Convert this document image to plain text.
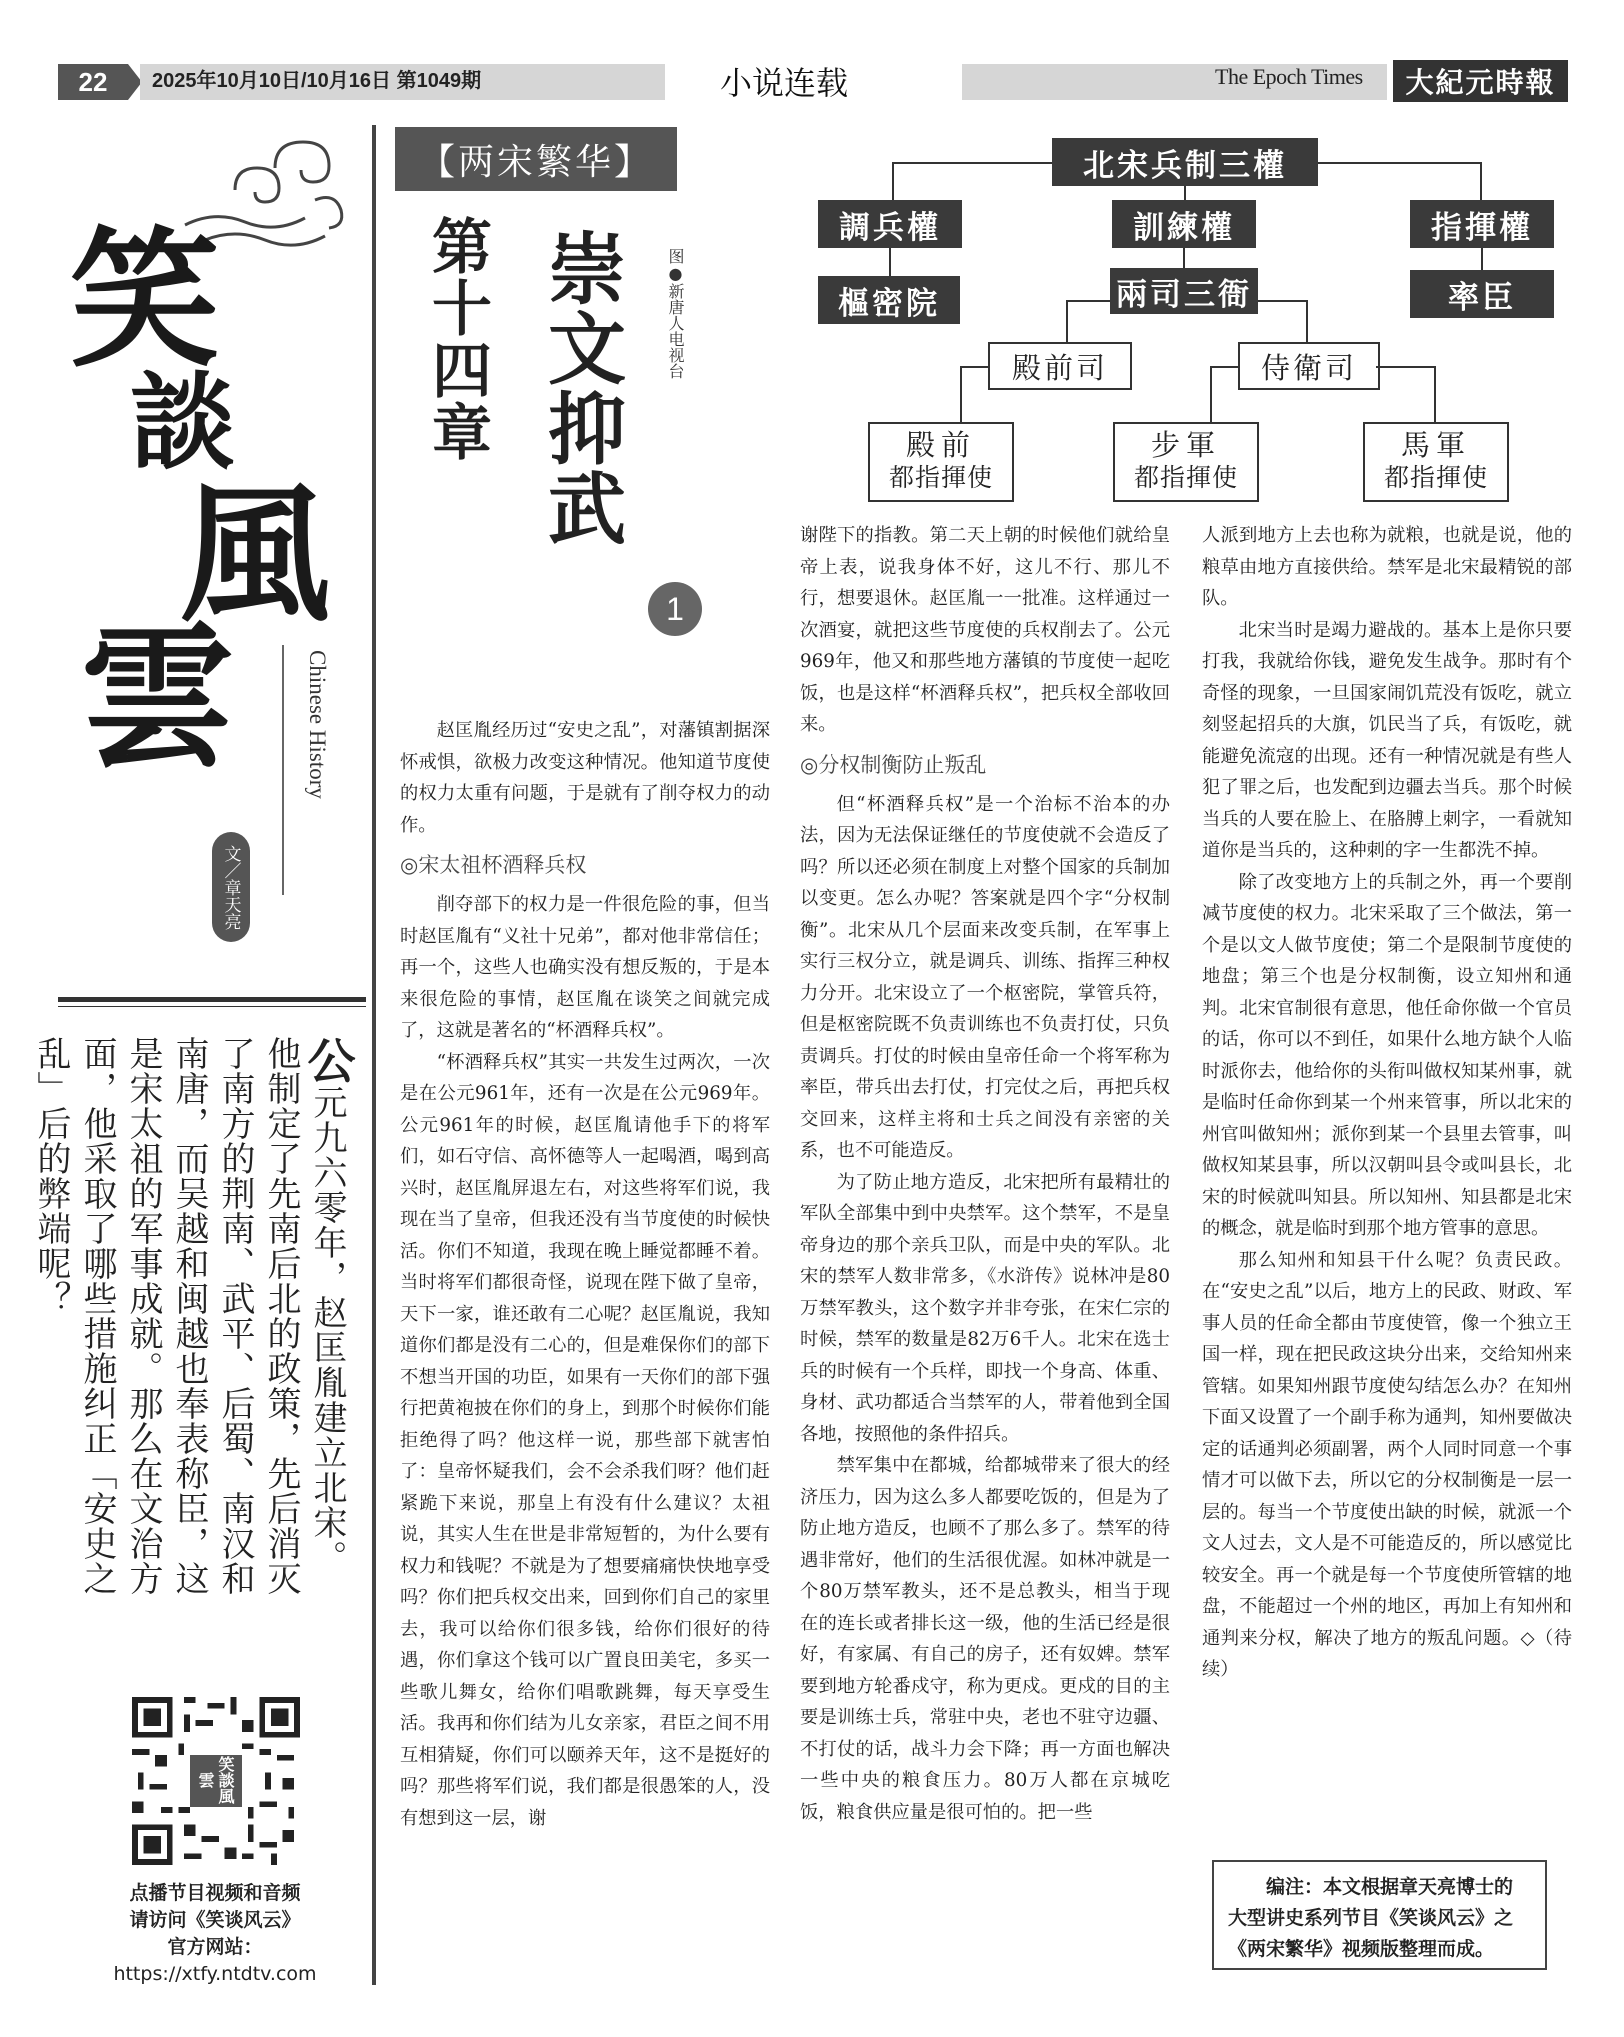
22	2025年10月10日/10月16日 第1049期	小说连载	The Epoch Times	大紀元時報
笑
談
風
雲	Chinese History
文／章天亮
公元九六零年，赵匡胤建立北宋。他制定了先南后北的政策，先后消灭了南方的荆南、武平、后蜀、南汉和南唐，而吴越和闽越也奉表称臣，这是宋太祖的军事成就。那么在文治方面，他采取了哪些措施纠正「安史之乱」后的弊端呢？
笑談風雲
点播节目视频和音频
请访问《笑谈风云》
官方网站：
https://xtfy.ntdtv.com
【两宋繁华】
崇文抑武
第十四章	图●新唐人电视台
1
北宋兵制三權
調兵權	訓練權	指揮權
樞密院	兩司三衙	率臣
殿前司	侍衛司
殿前
都指揮使
步軍
都指揮使
馬軍
都指揮使

赵匡胤经历过“安史之乱”，对藩镇割据深怀戒惧，欲极力改变这种情况。他知道节度使的权力太重有问题，于是就有了削夺权力的动作。

◎宋太祖杯酒释兵权

削夺部下的权力是一件很危险的事，但当时赵匡胤有“义社十兄弟”，都对他非常信任；再一个，这些人也确实没有想反叛的，于是本来很危险的事情，赵匡胤在谈笑之间就完成了，这就是著名的“杯酒释兵权”。

“杯酒释兵权”其实一共发生过两次，一次是在公元961年，还有一次是在公元969年。公元961年的时候，赵匡胤请他手下的将军们，如石守信、高怀德等人一起喝酒，喝到高兴时，赵匡胤屏退左右，对这些将军们说，我现在当了皇帝，但我还没有当节度使的时候快活。你们不知道，我现在晚上睡觉都睡不着。当时将军们都很奇怪，说现在陛下做了皇帝，天下一家，谁还敢有二心呢？赵匡胤说，我知道你们都是没有二心的，但是难保你们的部下不想当开国的功臣，如果有一天你们的部下强行把黄袍披在你们的身上，到那个时候你们能拒绝得了吗？他这样一说，那些部下就害怕了：皇帝怀疑我们，会不会杀我们呀？他们赶紧跪下来说，那皇上有没有什么建议？太祖说，其实人生在世是非常短暂的，为什么要有权力和钱呢？不就是为了想要痛痛快快地享受吗？你们把兵权交出来，回到你们自己的家里去，我可以给你们很多钱，给你们很好的待遇，你们拿这个钱可以广置良田美宅，多买一些歌儿舞女，给你们唱歌跳舞，每天享受生活。我再和你们结为儿女亲家，君臣之间不用互相猜疑，你们可以颐养天年，这不是挺好的吗？那些将军们说，我们都是很愚笨的人，没有想到这一层，谢

谢陛下的指教。第二天上朝的时候他们就给皇帝上表，说我身体不好，这儿不行、那儿不行，想要退休。赵匡胤一一批准。这样通过一次酒宴，就把这些节度使的兵权削去了。公元969年，他又和那些地方藩镇的节度使一起吃饭，也是这样“杯酒释兵权”，把兵权全部收回来。

◎分权制衡防止叛乱

但“杯酒释兵权”是一个治标不治本的办法，因为无法保证继任的节度使就不会造反了吗？所以还必须在制度上对整个国家的兵制加以变更。怎么办呢？答案就是四个字“分权制衡”。北宋从几个层面来改变兵制，在军事上实行三权分立，就是调兵、训练、指挥三种权力分开。北宋设立了一个枢密院，掌管兵符，但是枢密院既不负责训练也不负责打仗，只负责调兵。打仗的时候由皇帝任命一个将军称为率臣，带兵出去打仗，打完仗之后，再把兵权交回来，这样主将和士兵之间没有亲密的关系，也不可能造反。

为了防止地方造反，北宋把所有最精壮的军队全部集中到中央禁军。这个禁军，不是皇帝身边的那个亲兵卫队，而是中央的军队。北宋的禁军人数非常多，《水浒传》说林冲是80万禁军教头，这个数字并非夸张，在宋仁宗的时候，禁军的数量是82万6千人。北宋在选士兵的时候有一个兵样，即找一个身高、体重、身材、武功都适合当禁军的人，带着他到全国各地，按照他的条件招兵。

禁军集中在都城，给都城带来了很大的经济压力，因为这么多人都要吃饭的，但是为了防止地方造反，也顾不了那么多了。禁军的待遇非常好，他们的生活很优渥。如林冲就是一个80万禁军教头，还不是总教头，相当于现在的连长或者排长这一级，他的生活已经是很好，有家属、有自己的房子，还有奴婢。禁军要到地方轮番戍守，称为更戍。更戍的目的主要是训练士兵，常驻中央，老也不驻守边疆、不打仗的话，战斗力会下降；再一方面也解决一些中央的粮食压力。80万人都在京城吃饭，粮食供应量是很可怕的。把一些

人派到地方上去也称为就粮，也就是说，他的粮草由地方直接供给。禁军是北宋最精锐的部队。

北宋当时是竭力避战的。基本上是你只要打我，我就给你钱，避免发生战争。那时有个奇怪的现象，一旦国家闹饥荒没有饭吃，就立刻竖起招兵的大旗，饥民当了兵，有饭吃，就能避免流寇的出现。还有一种情况就是有些人犯了罪之后，也发配到边疆去当兵。那个时候当兵的人要在脸上、在胳膊上刺字，一看就知道你是当兵的，这种刺的字一生都洗不掉。

除了改变地方上的兵制之外，再一个要削减节度使的权力。北宋采取了三个做法，第一个是以文人做节度使；第二个是限制节度使的地盘；第三个也是分权制衡，设立知州和通判。北宋官制很有意思，他任命你做一个官员的话，你可以不到任，如果什么地方缺个人临时派你去，他给你的头衔叫做权知某州事，就是临时任命你到某一个州来管事，所以北宋的州官叫做知州；派你到某一个县里去管事，叫做权知某县事，所以汉朝叫县令或叫县长，北宋的时候就叫知县。所以知州、知县都是北宋的概念，就是临时到那个地方管事的意思。

那么知州和知县干什么呢？负责民政。在“安史之乱”以后，地方上的民政、财政、军事人员的任命全都由节度使管，像一个独立王国一样，现在把民政这块分出来，交给知州来管辖。如果知州跟节度使勾结怎么办？在知州下面又设置了一个副手称为通判，知州要做决定的话通判必须副署，两个人同时同意一个事情才可以做下去，所以它的分权制衡是一层一层的。每当一个节度使出缺的时候，就派一个文人过去，文人是不可能造反的，所以感觉比较安全。再一个就是每一个节度使所管辖的地盘，不能超过一个州的地区，再加上有知州和通判来分权，解决了地方的叛乱问题。◇（待续）

编注：本文根据章天亮博士的大型讲史系列节目《笑谈风云》之《两宋繁华》视频版整理而成。
